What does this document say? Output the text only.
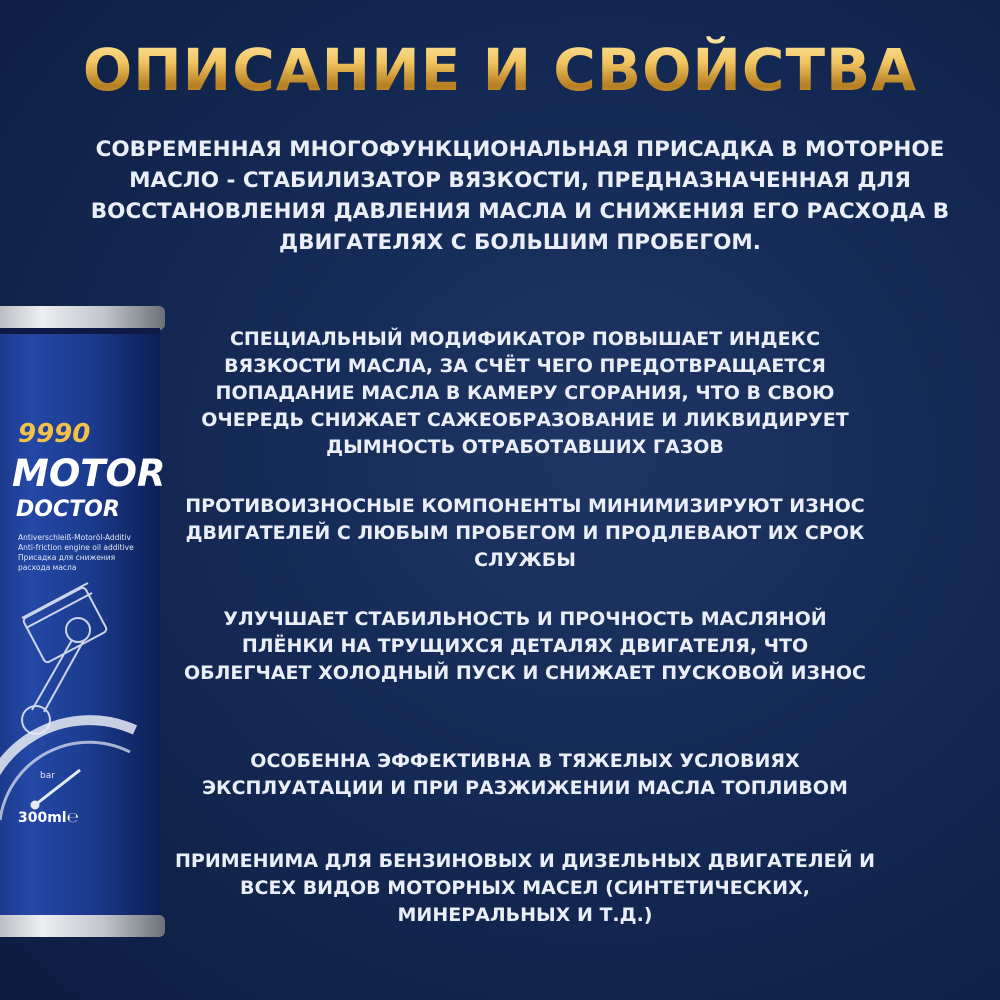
ОПИСАНИЕ И СВОЙСТВА
СОВРЕМЕННАЯ МНОГОФУНКЦИОНАЛЬНАЯ ПРИСАДКА В МОТОРНОЕ МАСЛО - СТАБИЛИЗАТОР ВЯЗКОСТИ, ПРЕДНАЗНАЧЕННАЯ ДЛЯ ВОССТАНОВЛЕНИЯ ДАВЛЕНИЯ МАСЛА И СНИЖЕНИЯ ЕГО РАСХОДА В ДВИГАТЕЛЯХ С БОЛЬШИМ ПРОБЕГОМ.
СПЕЦИАЛЬНЫЙ МОДИФИКАТОР ПОВЫШАЕТ ИНДЕКС ВЯЗКОСТИ МАСЛА, ЗА СЧЁТ ЧЕГО ПРЕДОТВРАЩАЕТСЯ ПОПАДАНИЕ МАСЛА В КАМЕРУ СГОРАНИЯ, ЧТО В СВОЮ ОЧЕРЕДЬ СНИЖАЕТ САЖЕОБРАЗОВАНИЕ И ЛИКВИДИРУЕТ ДЫМНОСТЬ ОТРАБОТАВШИХ ГАЗОВ
ПРОТИВОИЗНОСНЫЕ КОМПОНЕНТЫ МИНИМИЗИРУЮТ ИЗНОС ДВИГАТЕЛЕЙ С ЛЮБЫМ ПРОБЕГОМ И ПРОДЛЕВАЮТ ИХ СРОК СЛУЖБЫ
УЛУЧШАЕТ СТАБИЛЬНОСТЬ И ПРОЧНОСТЬ МАСЛЯНОЙ ПЛЁНКИ НА ТРУЩИХСЯ ДЕТАЛЯХ ДВИГАТЕЛЯ, ЧТО ОБЛЕГЧАЕТ ХОЛОДНЫЙ ПУСК И СНИЖАЕТ ПУСКОВОЙ ИЗНОС
ОСОБЕННА ЭФФЕКТИВНА В ТЯЖЕЛЫХ УСЛОВИЯХ ЭКСПЛУАТАЦИИ И ПРИ РАЗЖИЖЕНИИ МАСЛА ТОПЛИВОМ
ПРИМЕНИМА ДЛЯ БЕНЗИНОВЫХ И ДИЗЕЛЬНЫХ ДВИГАТЕЛЕЙ И ВСЕХ ВИДОВ МОТОРНЫХ МАСЕЛ (СИНТЕТИЧЕСКИХ, МИНЕРАЛЬНЫХ И Т.Д.)
9990
MOTOR
DOCTOR
Antiverschleiß-Motoröl-Additiv
Anti-friction engine oil additive
Присадка для снижения
расхода масла
bar
300ml℮
